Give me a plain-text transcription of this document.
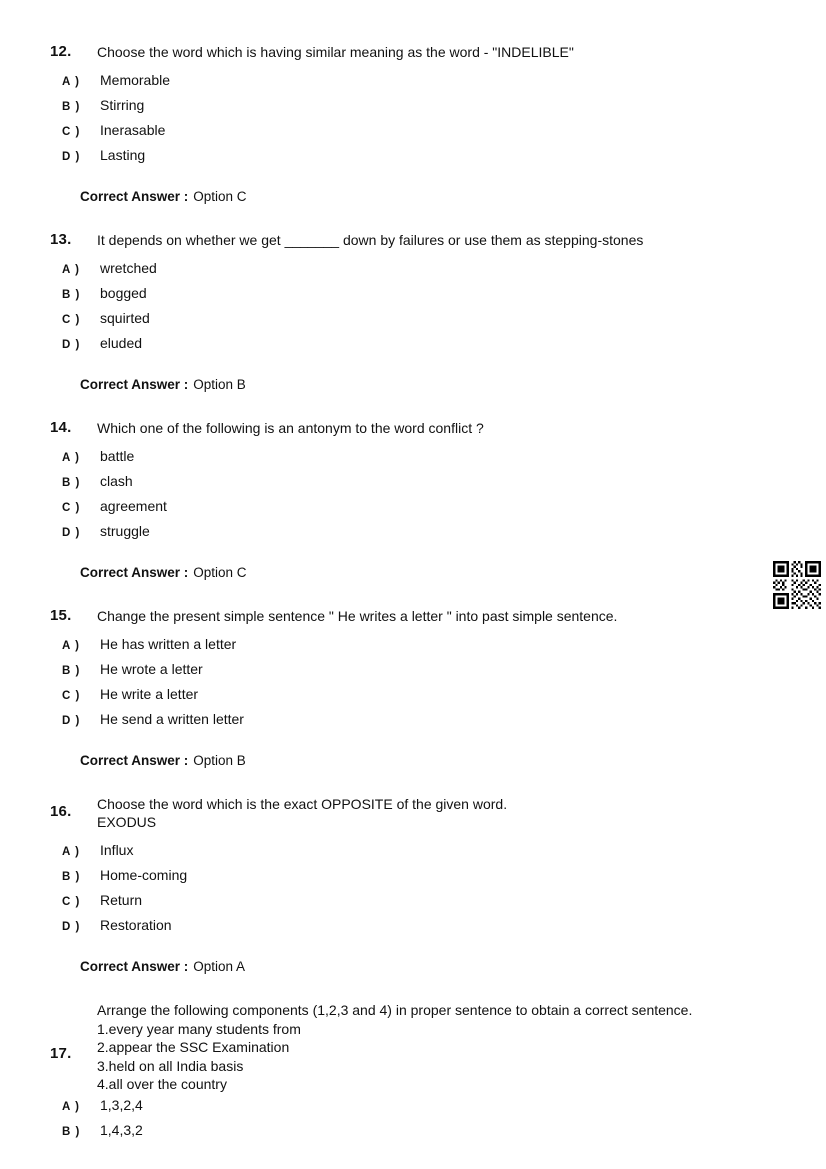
12.	Choose the word which is having similar meaning as the word - "INDELIBLE"
A ) Memorable
B ) Stirring
C ) Inerasable
D ) Lasting
Correct Answer : Option C
13.	It depends on whether we get _______ down by failures or use them as stepping-stones
A ) wretched
B ) bogged
C ) squirted
D ) eluded
Correct Answer : Option B
14.	Which one of the following is an antonym to the word conflict ?
A ) battle
B ) clash
C ) agreement
D ) struggle
Correct Answer : Option C
15.	Change the present simple sentence " He writes a letter " into past simple sentence.
A ) He has written a letter
B ) He wrote a letter
C ) He write a letter
D ) He send a written letter
Correct Answer : Option B
16.	Choose the word which is the exact OPPOSITE of the given word.
EXODUS
A ) Influx
B ) Home-coming
C ) Return
D ) Restoration
Correct Answer : Option A
17.
Arrange the following components (1,2,3 and 4) in proper sentence to obtain a correct sentence.
1.every year many students from
2.appear the SSC Examination
3.held on all India basis
4.all over the country
A ) 1,3,2,4
B ) 1,4,3,2
